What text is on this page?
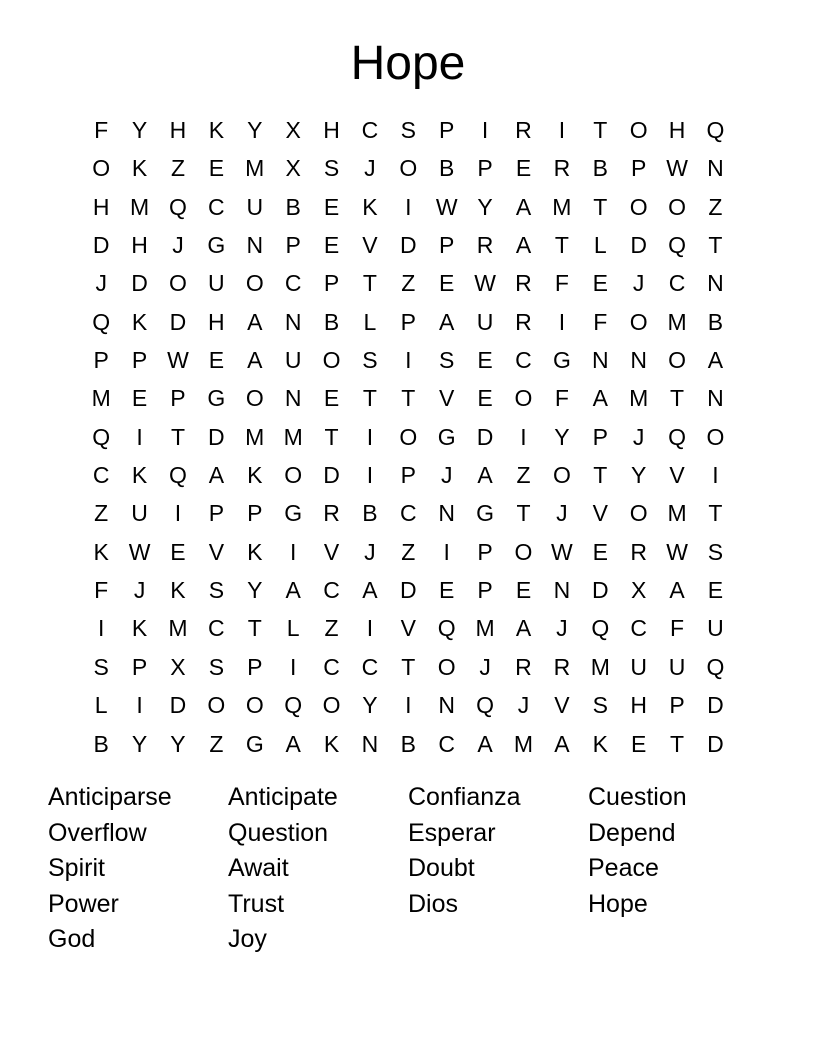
Hope
F	Y H K	Y	X H C S	P	I	R	I	T O H Q
O K	Z	E M X	S	J	O B	P	E R B	P W N
H M Q C U B	E	K	I	W Y	A M T O O Z
D H	J	G N P	E	V D P R A	T	L	D Q T
J	D O U O C P	T	Z	E W R	F	E	J	C N
Q K D H A N B	L	P	A U R	I	F O M B
P	P W E	A U O S	I	S	E C G N N O A
M E	P G O N E	T	T	V	E O F	A M T	N
Q	I	T	D M M T	I	O G D	I	Y	P	J	Q O
C K Q A	K O D	I	P	J	A	Z O T	Y	V	I
Z	U	I	P	P G R B C N G T	J	V O M T
K W E	V	K	I	V	J	Z	I	P O W E R W S
F	J	K	S	Y	A C A D E	P	E N D X	A	E
I	K M C	T	L	Z	I	V Q M A	J	Q C	F	U
S	P	X	S	P	I	C C	T O	J	R R M U U Q
L	I	D O O Q O Y	I	N Q	J	V	S H P D
B	Y	Y	Z G A	K N B C A M A	K	E	T	D
Anticiparse	Anticipate	Confianza	Cuestion
Overflow	Question	Esperar	Depend
Spirit	Await	Doubt	Peace
Power	Trust	Dios	Hope
God	Joy
